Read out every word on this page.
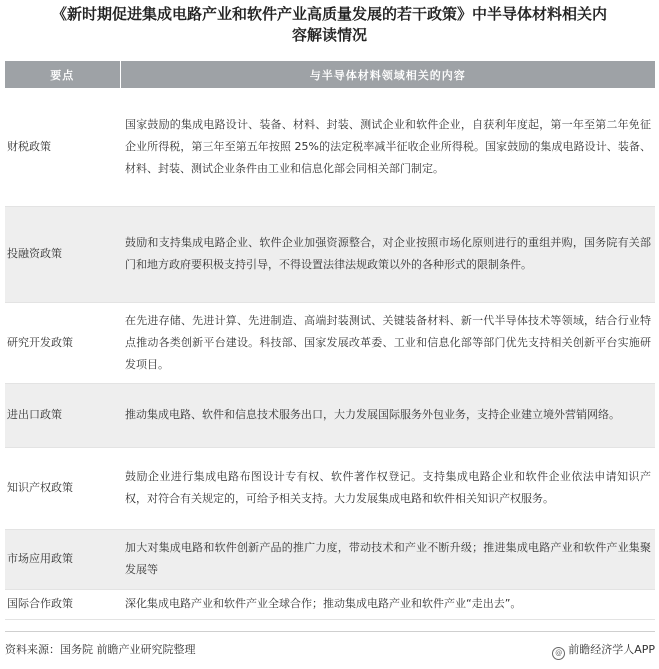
《新时期促进集成电路产业和软件产业高质量发展的若干政策》中半导体材料相关内
容解读情况
要点	与半导体材料领域相关的内容
财税政策	国家鼓励的集成电路设计、装备、材料、封装、测试企业和软件企业，自获利年度起，第一年至第二年免征企业所得税，第三年至第五年按照 25%的法定税率减半征收企业所得税。国家鼓励的集成电路设计、装备、材料、封装、测试企业条件由工业和信息化部会同相关部门制定。
投融资政策	鼓励和支持集成电路企业、软件企业加强资源整合，对企业按照市场化原则进行的重组并购，国务院有关部门和地方政府要积极支持引导，不得设置法律法规政策以外的各种形式的限制条件。
研究开发政策	在先进存储、先进计算、先进制造、高端封装测试、关键装备材料、新一代半导体技术等领域，结合行业特点推动各类创新平台建设。科技部、国家发展改革委、工业和信息化部等部门优先支持相关创新平台实施研发项目。
进出口政策	推动集成电路、软件和信息技术服务出口，大力发展国际服务外包业务，支持企业建立境外营销网络。
知识产权政策	鼓励企业进行集成电路布图设计专有权、软件著作权登记。支持集成电路企业和软件企业依法申请知识产权，对符合有关规定的，可给予相关支持。大力发展集成电路和软件相关知识产权服务。
市场应用政策	加大对集成电路和软件创新产品的推广力度，带动技术和产业不断升级；推进集成电路产业和软件产业集聚发展等
国际合作政策	深化集成电路产业和软件产业全球合作；推动集成电路产业和软件产业“走出去”。
资料来源：国务院 前瞻产业研究院整理	@ 前瞻经济学人APP
